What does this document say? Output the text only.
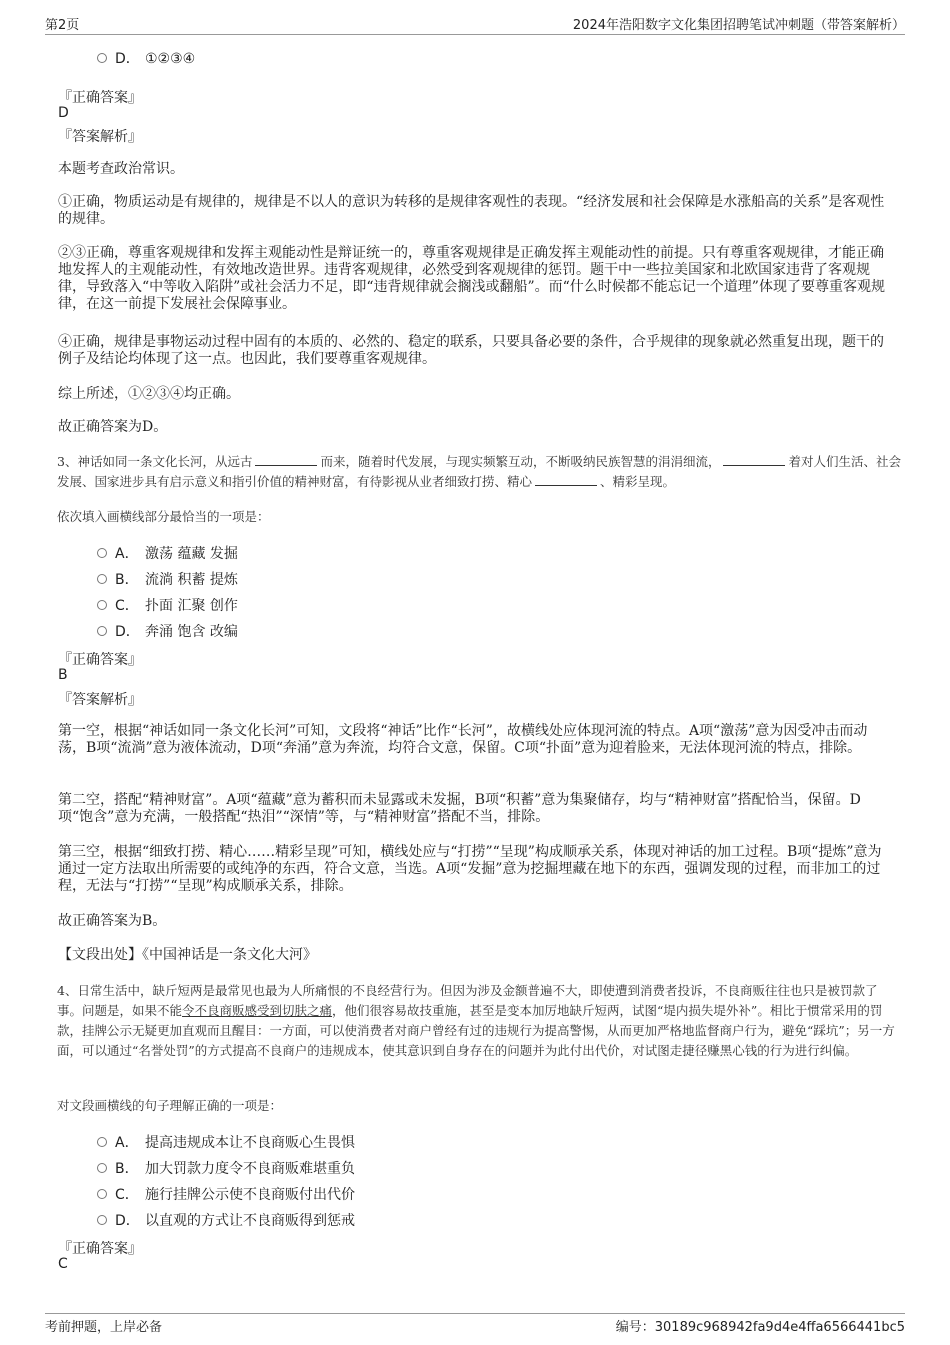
第2页	2024年浩阳数字文化集团招聘笔试冲刺题（带答案解析）
D． ①②③④
『正确答案』
D
『答案解析』
本题考查政治常识。
①正确，物质运动是有规律的，规律是不以人的意识为转移的是规律客观性的表现。“经济发展和社会保障是水涨船高的关系”是客观性的规律。
②③正确，尊重客观规律和发挥主观能动性是辩证统一的，尊重客观规律是正确发挥主观能动性的前提。只有尊重客观规律，才能正确地发挥人的主观能动性，有效地改造世界。违背客观规律，必然受到客观规律的惩罚。题干中一些拉美国家和北欧国家违背了客观规律，导致落入“中等收入陷阱”或社会活力不足，即“违背规律就会搁浅或翻船”。而“什么时候都不能忘记一个道理”体现了要尊重客观规律，在这一前提下发展社会保障事业。
④正确，规律是事物运动过程中固有的本质的、必然的、稳定的联系，只要具备必要的条件，合乎规律的现象就必然重复出现，题干的例子及结论均体现了这一点。也因此，我们要尊重客观规律。
综上所述，①②③④均正确。
故正确答案为D。
3、神话如同一条文化长河，从远古	而来，随着时代发展，与现实频繁互动，不断吸纳民族智慧的涓涓细流，	着对人们生活、社会发展、国家进步具有启示意义和指引价值的精神财富，有待影视从业者细致打捞、精心	、精彩呈现。
依次填入画横线部分最恰当的一项是：
A． 激荡 蕴藏 发掘
B． 流淌 积蓄 提炼
C． 扑面 汇聚 创作
D． 奔涌 饱含 改编
『正确答案』
B
『答案解析』
第一空，根据“神话如同一条文化长河”可知，文段将“神话”比作“长河”，故横线处应体现河流的特点。A项“激荡”意为因受冲击而动荡，B项“流淌”意为液体流动，D项“奔涌”意为奔流，均符合文意，保留。C项“扑面”意为迎着脸来，无法体现河流的特点，排除。
第二空，搭配“精神财富”。A项“蕴藏”意为蓄积而未显露或未发掘，B项“积蓄”意为集聚储存，均与“精神财富”搭配恰当，保留。D项“饱含”意为充满，一般搭配“热泪”“深情”等，与“精神财富”搭配不当，排除。
第三空，根据“细致打捞、精心……精彩呈现”可知，横线处应与“打捞”“呈现”构成顺承关系，体现对神话的加工过程。B项“提炼”意为通过一定方法取出所需要的或纯净的东西，符合文意，当选。A项“发掘”意为挖掘埋藏在地下的东西，强调发现的过程，而非加工的过程，无法与“打捞”“呈现”构成顺承关系，排除。
故正确答案为B。
【文段出处】《中国神话是一条文化大河》
4、日常生活中，缺斤短两是最常见也最为人所痛恨的不良经营行为。但因为涉及金额普遍不大，即使遭到消费者投诉，不良商贩往往也只是被罚款了事。问题是，如果不能令不良商贩感受到切肤之痛，他们很容易故技重施，甚至是变本加厉地缺斤短两，试图“堤内损失堤外补”。相比于惯常采用的罚款，挂牌公示无疑更加直观而且醒目：一方面，可以使消费者对商户曾经有过的违规行为提高警惕，从而更加严格地监督商户行为，避免“踩坑”；另一方面，可以通过“名誉处罚”的方式提高不良商户的违规成本，使其意识到自身存在的问题并为此付出代价，对试图走捷径赚黑心钱的行为进行纠偏。
对文段画横线的句子理解正确的一项是：
A． 提高违规成本让不良商贩心生畏惧
B． 加大罚款力度令不良商贩难堪重负
C． 施行挂牌公示使不良商贩付出代价
D． 以直观的方式让不良商贩得到惩戒
『正确答案』
C
考前押题，上岸必备	编号：30189c968942fa9d4e4ffa6566441bc5
